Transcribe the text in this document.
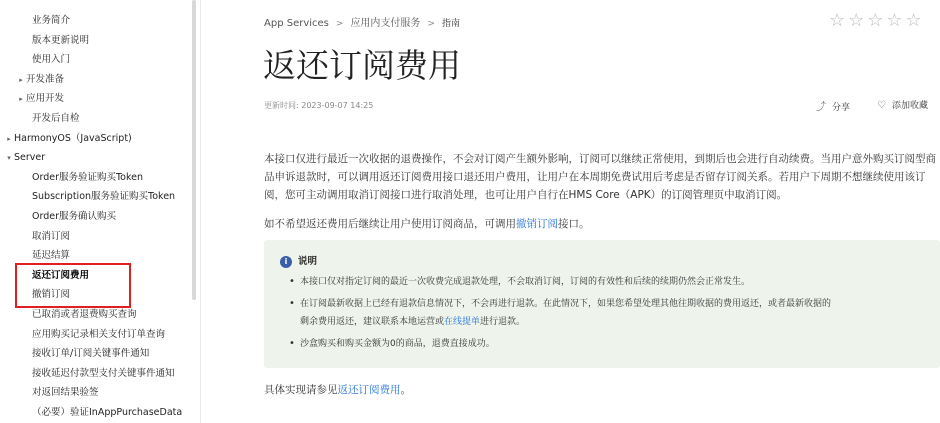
业务简介
版本更新说明
使用入门
▸ 开发准备
▸ 应用开发
开发后自检
▸ HarmonyOS（JavaScript)
▾ Server
Order服务验证购买Token
Subscription服务验证购买Token
Order服务确认购买
取消订阅
延迟结算
返还订阅费用
撤销订阅
已取消或者退费购买查询
应用购买记录相关支付订单查询
接收订单/订阅关键事件通知
接收延迟付款型支付关键事件通知
对返回结果验签
（必要）验证InAppPurchaseData
App Services > 应用内支付服务 > 指南	☆☆☆☆☆
返还订阅费用
更新时间: 2023-09-07 14:25	⤴ 分享	♡ 添加收藏

本接口仅进行最近一次收据的退费操作，不会对订阅产生额外影响，订阅可以继续正常使用，到期后也会进行自动续费。当用户意外购买订阅型商品申诉退款时，可以调用返还订阅费用接口退还用户费用，让用户在本周期免费试用后考虑是否留存订阅关系。若用户下周期不想继续使用该订阅，您可主动调用取消订阅接口进行取消处理，也可让用户自行在HMS Core（APK）的订阅管理页中取消订阅。

如不希望返还费用后继续让用户使用订阅商品，可调用撤销订阅接口。

i 说明
• 本接口仅对指定订阅的最近一次收费完成退款处理，不会取消订阅，订阅的有效性和后续的续期仍然会正常发生。
• 在订阅最新收据上已经有退款信息情况下，不会再进行退款。在此情况下，如果您希望处理其他往期收据的费用返还，或者最新收据的
剩余费用返还，建议联系本地运营或在线提单进行退款。
• 沙盒购买和购买金额为0的商品，退费直接成功。

具体实现请参见返还订阅费用。
